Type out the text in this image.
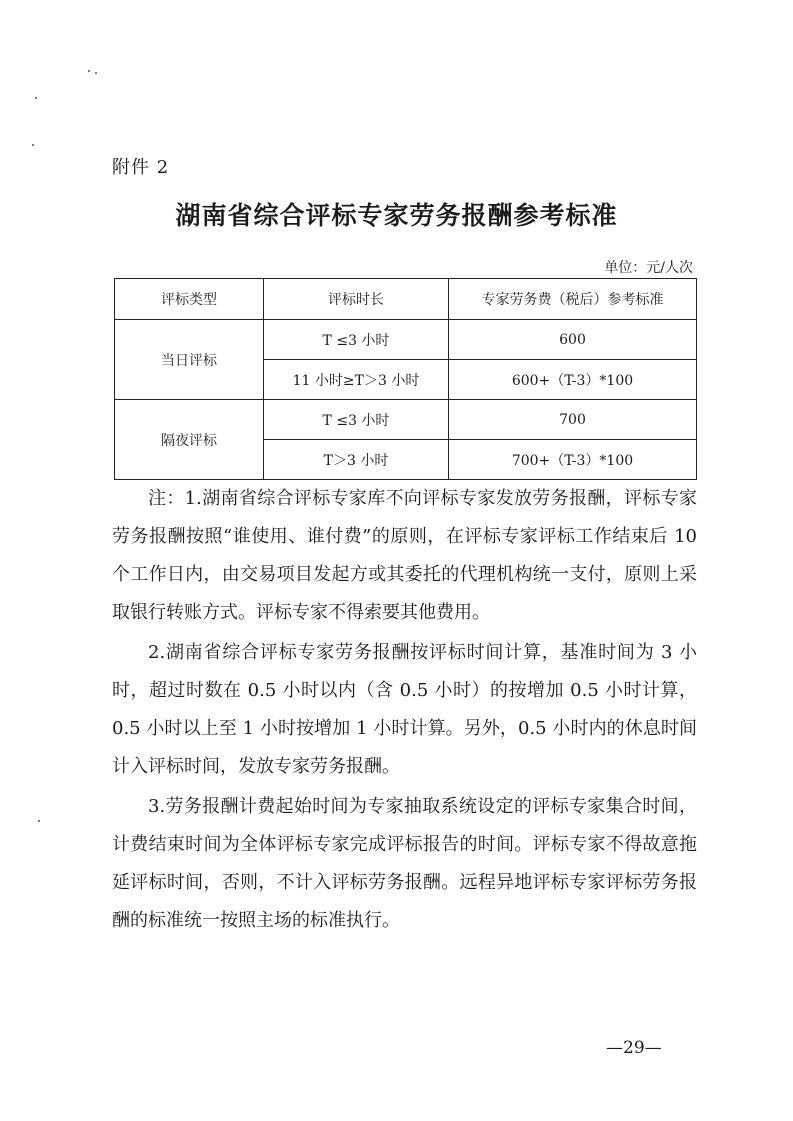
附件 2
湖南省综合评标专家劳务报酬参考标准
单位：元/人次
评标类型	评标时长	专家劳务费（税后）参考标准
当日评标	T ≤3 小时	600
	11 小时≥T＞3 小时	600+（T-3）*100
隔夜评标	T ≤3 小时	700
	T＞3 小时	700+（T-3）*100

注：1.湖南省综合评标专家库不向评标专家发放劳务报酬，评标专家劳务报酬按照“谁使用、谁付费”的原则，在评标专家评标工作结束后 10 个工作日内，由交易项目发起方或其委托的代理机构统一支付，原则上采取银行转账方式。评标专家不得索要其他费用。

2.湖南省综合评标专家劳务报酬按评标时间计算，基准时间为 3 小时，超过时数在 0.5 小时以内（含 0.5 小时）的按增加 0.5 小时计算，0.5 小时以上至 1 小时按增加 1 小时计算。另外，0.5 小时内的休息时间计入评标时间，发放专家劳务报酬。

3.劳务报酬计费起始时间为专家抽取系统设定的评标专家集合时间，计费结束时间为全体评标专家完成评标报告的时间。评标专家不得故意拖延评标时间，否则，不计入评标劳务报酬。远程异地评标专家评标劳务报酬的标准统一按照主场的标准执行。

—29—
